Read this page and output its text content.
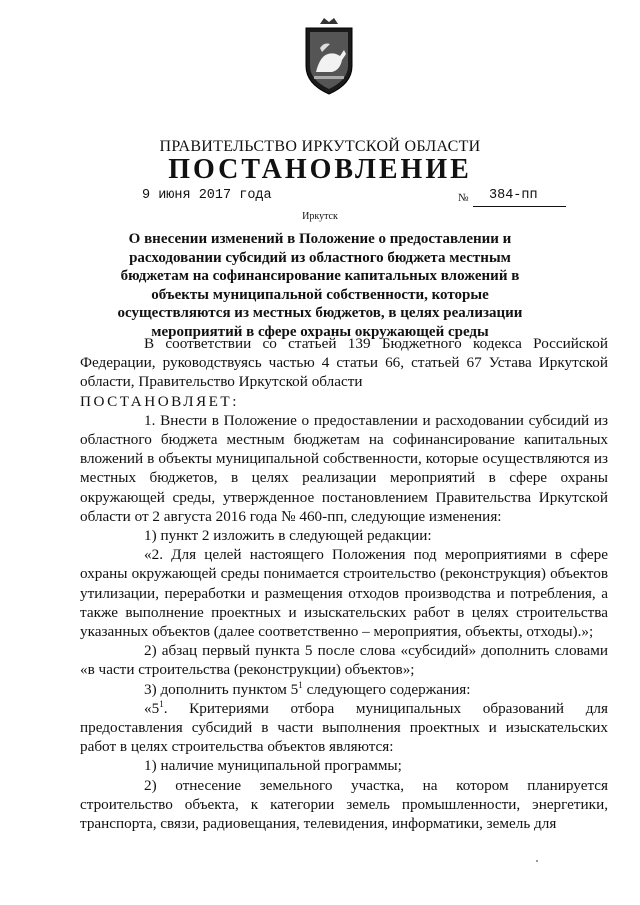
ПРАВИТЕЛЬСТВО ИРКУТСКОЙ ОБЛАСТИ
ПОСТАНОВЛЕНИЕ
9 июня 2017 года	№ 384-пп
Иркутск
О внесении изменений в Положение о предоставлении и расходовании субсидий из областного бюджета местным бюджетам на софинансирование капитальных вложений в объекты муниципальной собственности, которые осуществляются из местных бюджетов, в целях реализации мероприятий в сфере охраны окружающей среды

В соответствии со статьей 139 Бюджетного кодекса Российской Федерации, руководствуясь частью 4 статьи 66, статьей 67 Устава Иркутской области, Правительство Иркутской области

ПОСТАНОВЛЯЕТ:

1. Внести в Положение о предоставлении и расходовании субсидий из областного бюджета местным бюджетам на софинансирование капитальных вложений в объекты муниципальной собственности, которые осуществляются из местных бюджетов, в целях реализации мероприятий в сфере охраны окружающей среды, утвержденное постановлением Правительства Иркутской области от 2 августа 2016 года № 460-пп, следующие изменения:

1) пункт 2 изложить в следующей редакции:

«2. Для целей настоящего Положения под мероприятиями в сфере охраны окружающей среды понимается строительство (реконструкция) объектов утилизации, переработки и размещения отходов производства и потребления, а также выполнение проектных и изыскательских работ в целях строительства указанных объектов (далее соответственно – мероприятия, объекты, отходы).»;

2) абзац первый пункта 5 после слова «субсидий» дополнить словами «в части строительства (реконструкции) объектов»;

3) дополнить пунктом $5^1$ следующего содержания:

«$5^1$. Критериями отбора муниципальных образований для предоставления субсидий в части выполнения проектных и изыскательских работ в целях строительства объектов являются:

1) наличие муниципальной программы;

2) отнесение земельного участка, на котором планируется строительство объекта, к категории земель промышленности, энергетики, транспорта, связи, радиовещания, телевидения, информатики, земель для
